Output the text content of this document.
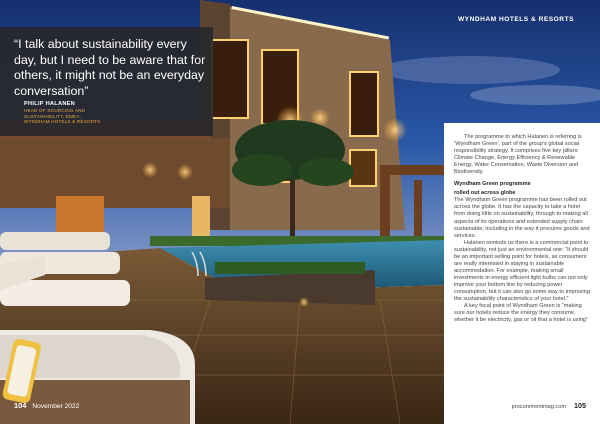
WYNDHAM HOTELS & RESORTS
“I talk about sustainability every day, but I need to be aware that for others, it might not be an everyday conversation”
PHILIP HALANEN
HEAD OF SOURCING AND
SUSTAINABILITY, EMEA,
WYNDHAM HOTELS & RESORTS

The programme to which Halanen is referring is ‘Wyndham Green’, part of the group’s global social responsibility strategy. It comprises five key pillars: Climate Change, Energy Efficiency & Renewable Energy, Water Conservation, Waste Diversion and Biodiversity.

Wyndham Green programme

rolled out across globe

The Wyndham Green programme has been rolled out across the globe. It has the capacity to take a hotel from doing little on sustainability, through to making all aspects of its operations and extended supply chain sustainable, including in the way it procures goods and services.

Halanen reminds us there is a commercial point to sustainability, not just an environmental one: “It should be an important selling point for hotels, as consumers are really interested in staying in sustainable accommodation. For example, making small investments in energy efficient light bulbs can not only improve your bottom line by reducing power consumption, but it can also go some way to improving the sustainability characteristics of your hotel.”

A key focal point of Wyndham Green is “making sure our hotels reduce the energy they consume, whether it be electricity, gas or oil that a hotel is using”

104 November 2022	procurementmag.com 105
